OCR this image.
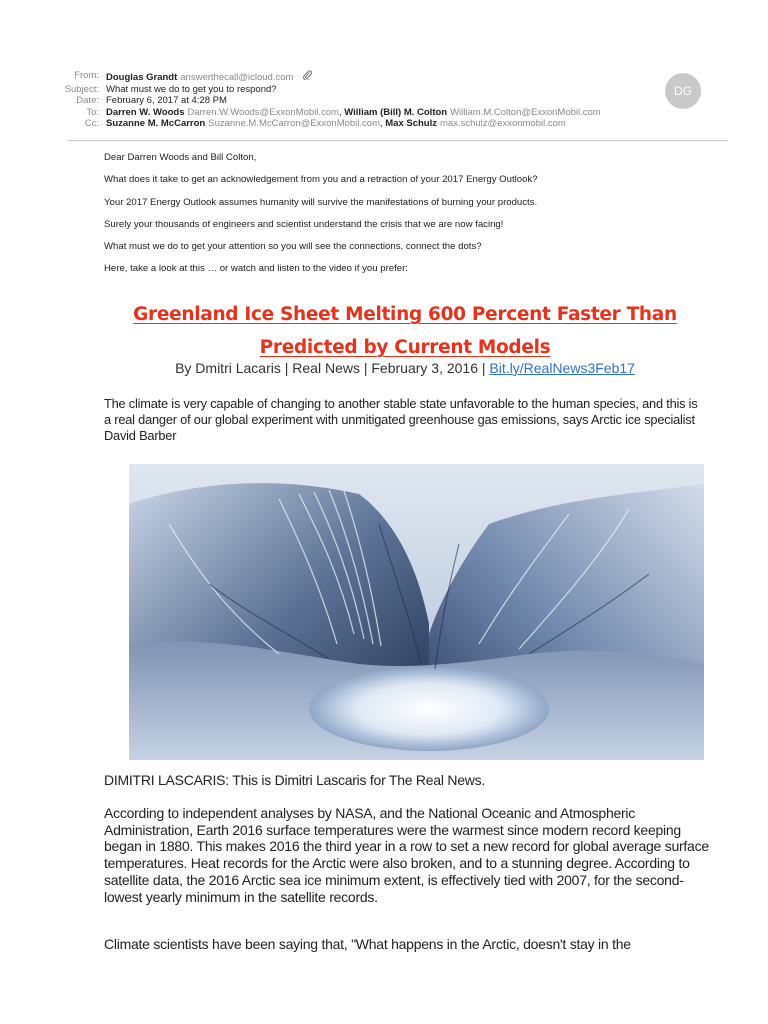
From: Douglas Grandt answerthecall@icloud.com
Subject: What must we do to get you to respond?
Date: February 6, 2017 at 4:28 PM
To: Darren W. Woods Darren.W.Woods@ExxonMobil.com, William (Bill) M. Colton William.M.Colton@ExxonMobil.com
Cc: Suzanne M. McCarron Suzanne.M.McCarron@ExxonMobil.com, Max Schulz max.schulz@exxonmobil.com
DG

Dear Darren Woods and Bill Colton,

What does it take to get an acknowledgement from you and a retraction of your 2017 Energy Outlook?

Your 2017 Energy Outlook assumes humanity will survive the manifestations of burning your products.

Surely your thousands of engineers and scientist understand the crisis that we are now facing!

What must we do to get your attention so you will see the connections, connect the dots?

Here, take a look at this … or watch and listen to the video if you prefer:

Greenland Ice Sheet Melting 600 Percent Faster Than
Predicted by Current Models
By Dmitri Lacaris | Real News | February 3, 2016 | Bit.ly/RealNews3Feb17
The climate is very capable of changing to another stable state unfavorable to the human species, and this is a real danger of our global experiment with unmitigated greenhouse gas emissions, says Arctic ice specialist David Barber

DIMITRI LASCARIS: This is Dimitri Lascaris for The Real News.

According to independent analyses by NASA, and the National Oceanic and Atmospheric Administration, Earth 2016 surface temperatures were the warmest since modern record keeping began in 1880. This makes 2016 the third year in a row to set a new record for global average surface temperatures. Heat records for the Arctic were also broken, and to a stunning degree. According to satellite data, the 2016 Arctic sea ice minimum extent, is effectively tied with 2007, for the second-lowest yearly minimum in the satellite records.

Climate scientists have been saying that, "What happens in the Arctic, doesn't stay in the
